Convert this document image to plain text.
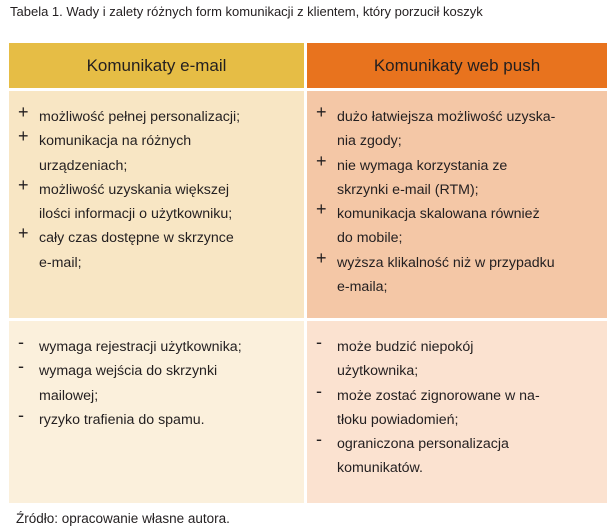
Tabela 1. Wady i zalety różnych form komunikacji z klientem, który porzucił koszyk
Komunikaty e-mail	Komunikaty web push
+ możliwość pełnej personalizacji;
+ komunikacja na różnych
urządzeniach;
+ możliwość uzyskania większej
ilości informacji o użytkowniku;
+ cały czas dostępne w skrzynce
e-mail;
+ dużo łatwiejsza możliwość uzyska-
nia zgody;
+ nie wymaga korzystania ze
skrzynki e-mail (RTM);
+ komunikacja skalowana również
do mobile;
+ wyższa klikalność niż w przypadku
e-maila;
- wymaga rejestracji użytkownika;
- wymaga wejścia do skrzynki
mailowej;
- ryzyko trafienia do spamu.
- może budzić niepokój
użytkownika;
- może zostać zignorowane w na-
tłoku powiadomień;
- ograniczona personalizacja
komunikatów.
Źródło: opracowanie własne autora.
